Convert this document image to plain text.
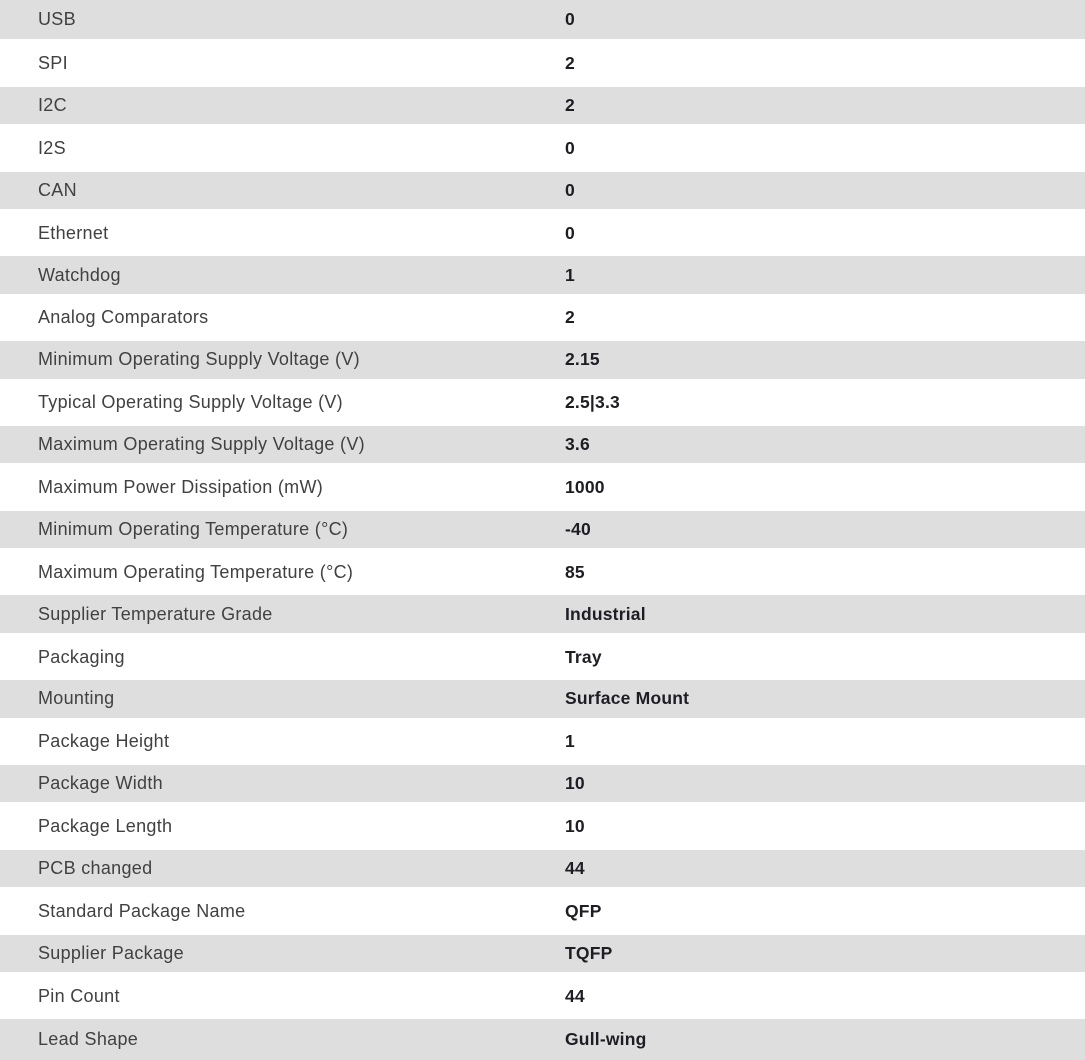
USB	0
SPI	2
I2C	2
I2S	0
CAN	0
Ethernet	0
Watchdog	1
Analog Comparators	2
Minimum Operating Supply Voltage (V)	2.15
Typical Operating Supply Voltage (V)	2.5|3.3
Maximum Operating Supply Voltage (V)	3.6
Maximum Power Dissipation (mW)	1000
Minimum Operating Temperature (°C)	-40
Maximum Operating Temperature (°C)	85
Supplier Temperature Grade	Industrial
Packaging	Tray
Mounting	Surface Mount
Package Height	1
Package Width	10
Package Length	10
PCB changed	44
Standard Package Name	QFP
Supplier Package	TQFP
Pin Count	44
Lead Shape	Gull-wing
